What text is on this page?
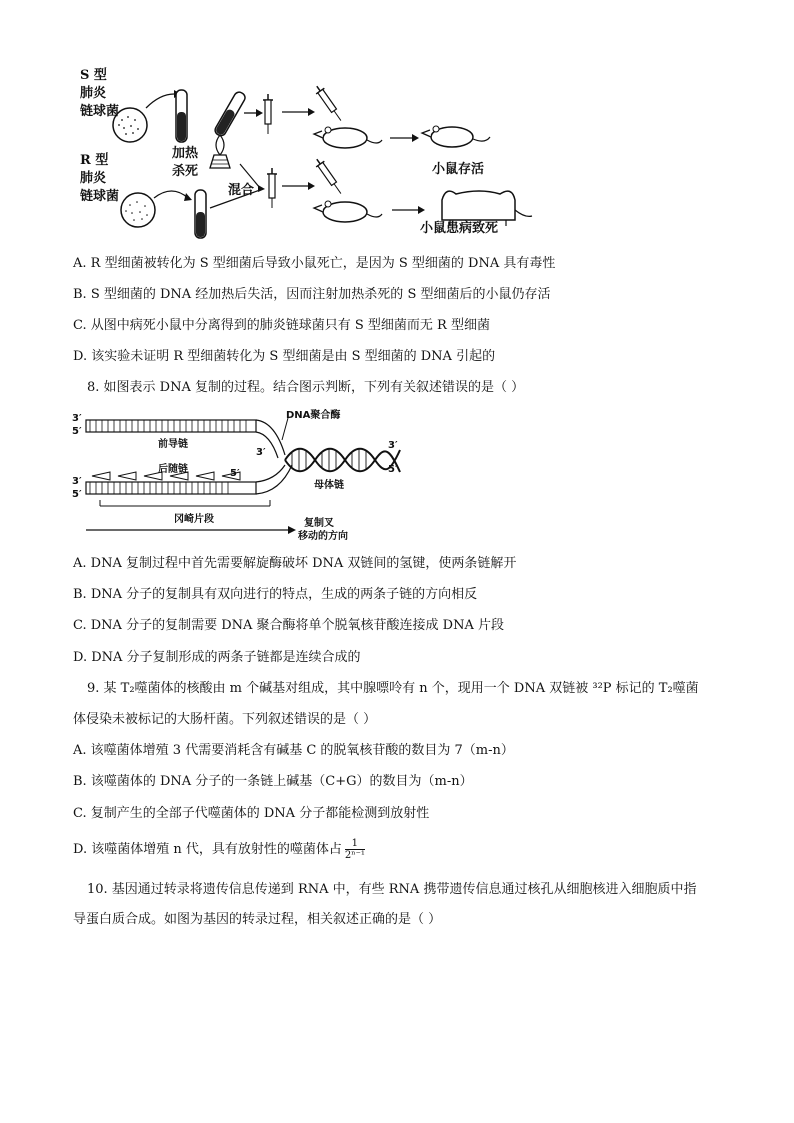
S 型
肺炎
链球菌
R 型
肺炎
链球菌
加热
杀死
混合
小鼠存活
小鼠患病致死
A. R 型细菌被转化为 S 型细菌后导致小鼠死亡，是因为 S 型细菌的 DNA 具有毒性
B. S 型细菌的 DNA 经加热后失活，因而注射加热杀死的 S 型细菌后的小鼠仍存活
C. 从图中病死小鼠中分离得到的肺炎链球菌只有 S 型细菌而无 R 型细菌
D. 该实验未证明 R 型细菌转化为 S 型细菌是由 S 型细菌的 DNA 引起的
8. 如图表示 DNA 复制的过程。结合图示判断，下列有关叙述错误的是（ ）
3′
5′
3′
5′
3′
5′
3′
5′
DNA聚合酶
前导链
后随链
母体链
冈崎片段	复制叉
移动的方向
A. DNA 复制过程中首先需要解旋酶破坏 DNA 双链间的氢键，使两条链解开
B. DNA 分子的复制具有双向进行的特点，生成的两条子链的方向相反
C. DNA 分子的复制需要 DNA 聚合酶将单个脱氧核苷酸连接成 DNA 片段
D. DNA 分子复制形成的两条子链都是连续合成的
9. 某 T₂噬菌体的核酸由 m 个碱基对组成，其中腺嘌呤有 n 个，现用一个 DNA 双链被 ³²P 标记的 T₂噬菌
体侵染未被标记的大肠杆菌。下列叙述错误的是（ ）
A. 该噬菌体增殖 3 代需要消耗含有碱基 C 的脱氧核苷酸的数目为 7（m-n）
B. 该噬菌体的 DNA 分子的一条链上碱基（C+G）的数目为（m-n）
C. 复制产生的全部子代噬菌体的 DNA 分子都能检测到放射性
D. 该噬菌体增殖 n 代，具有放射性的噬菌体占 $\frac{1}{\text{2ⁿ⁻¹}}$
10. 基因通过转录将遗传信息传递到 RNA 中，有些 RNA 携带遗传信息通过核孔从细胞核进入细胞质中指
导蛋白质合成。如图为基因的转录过程，相关叙述正确的是（ ）
